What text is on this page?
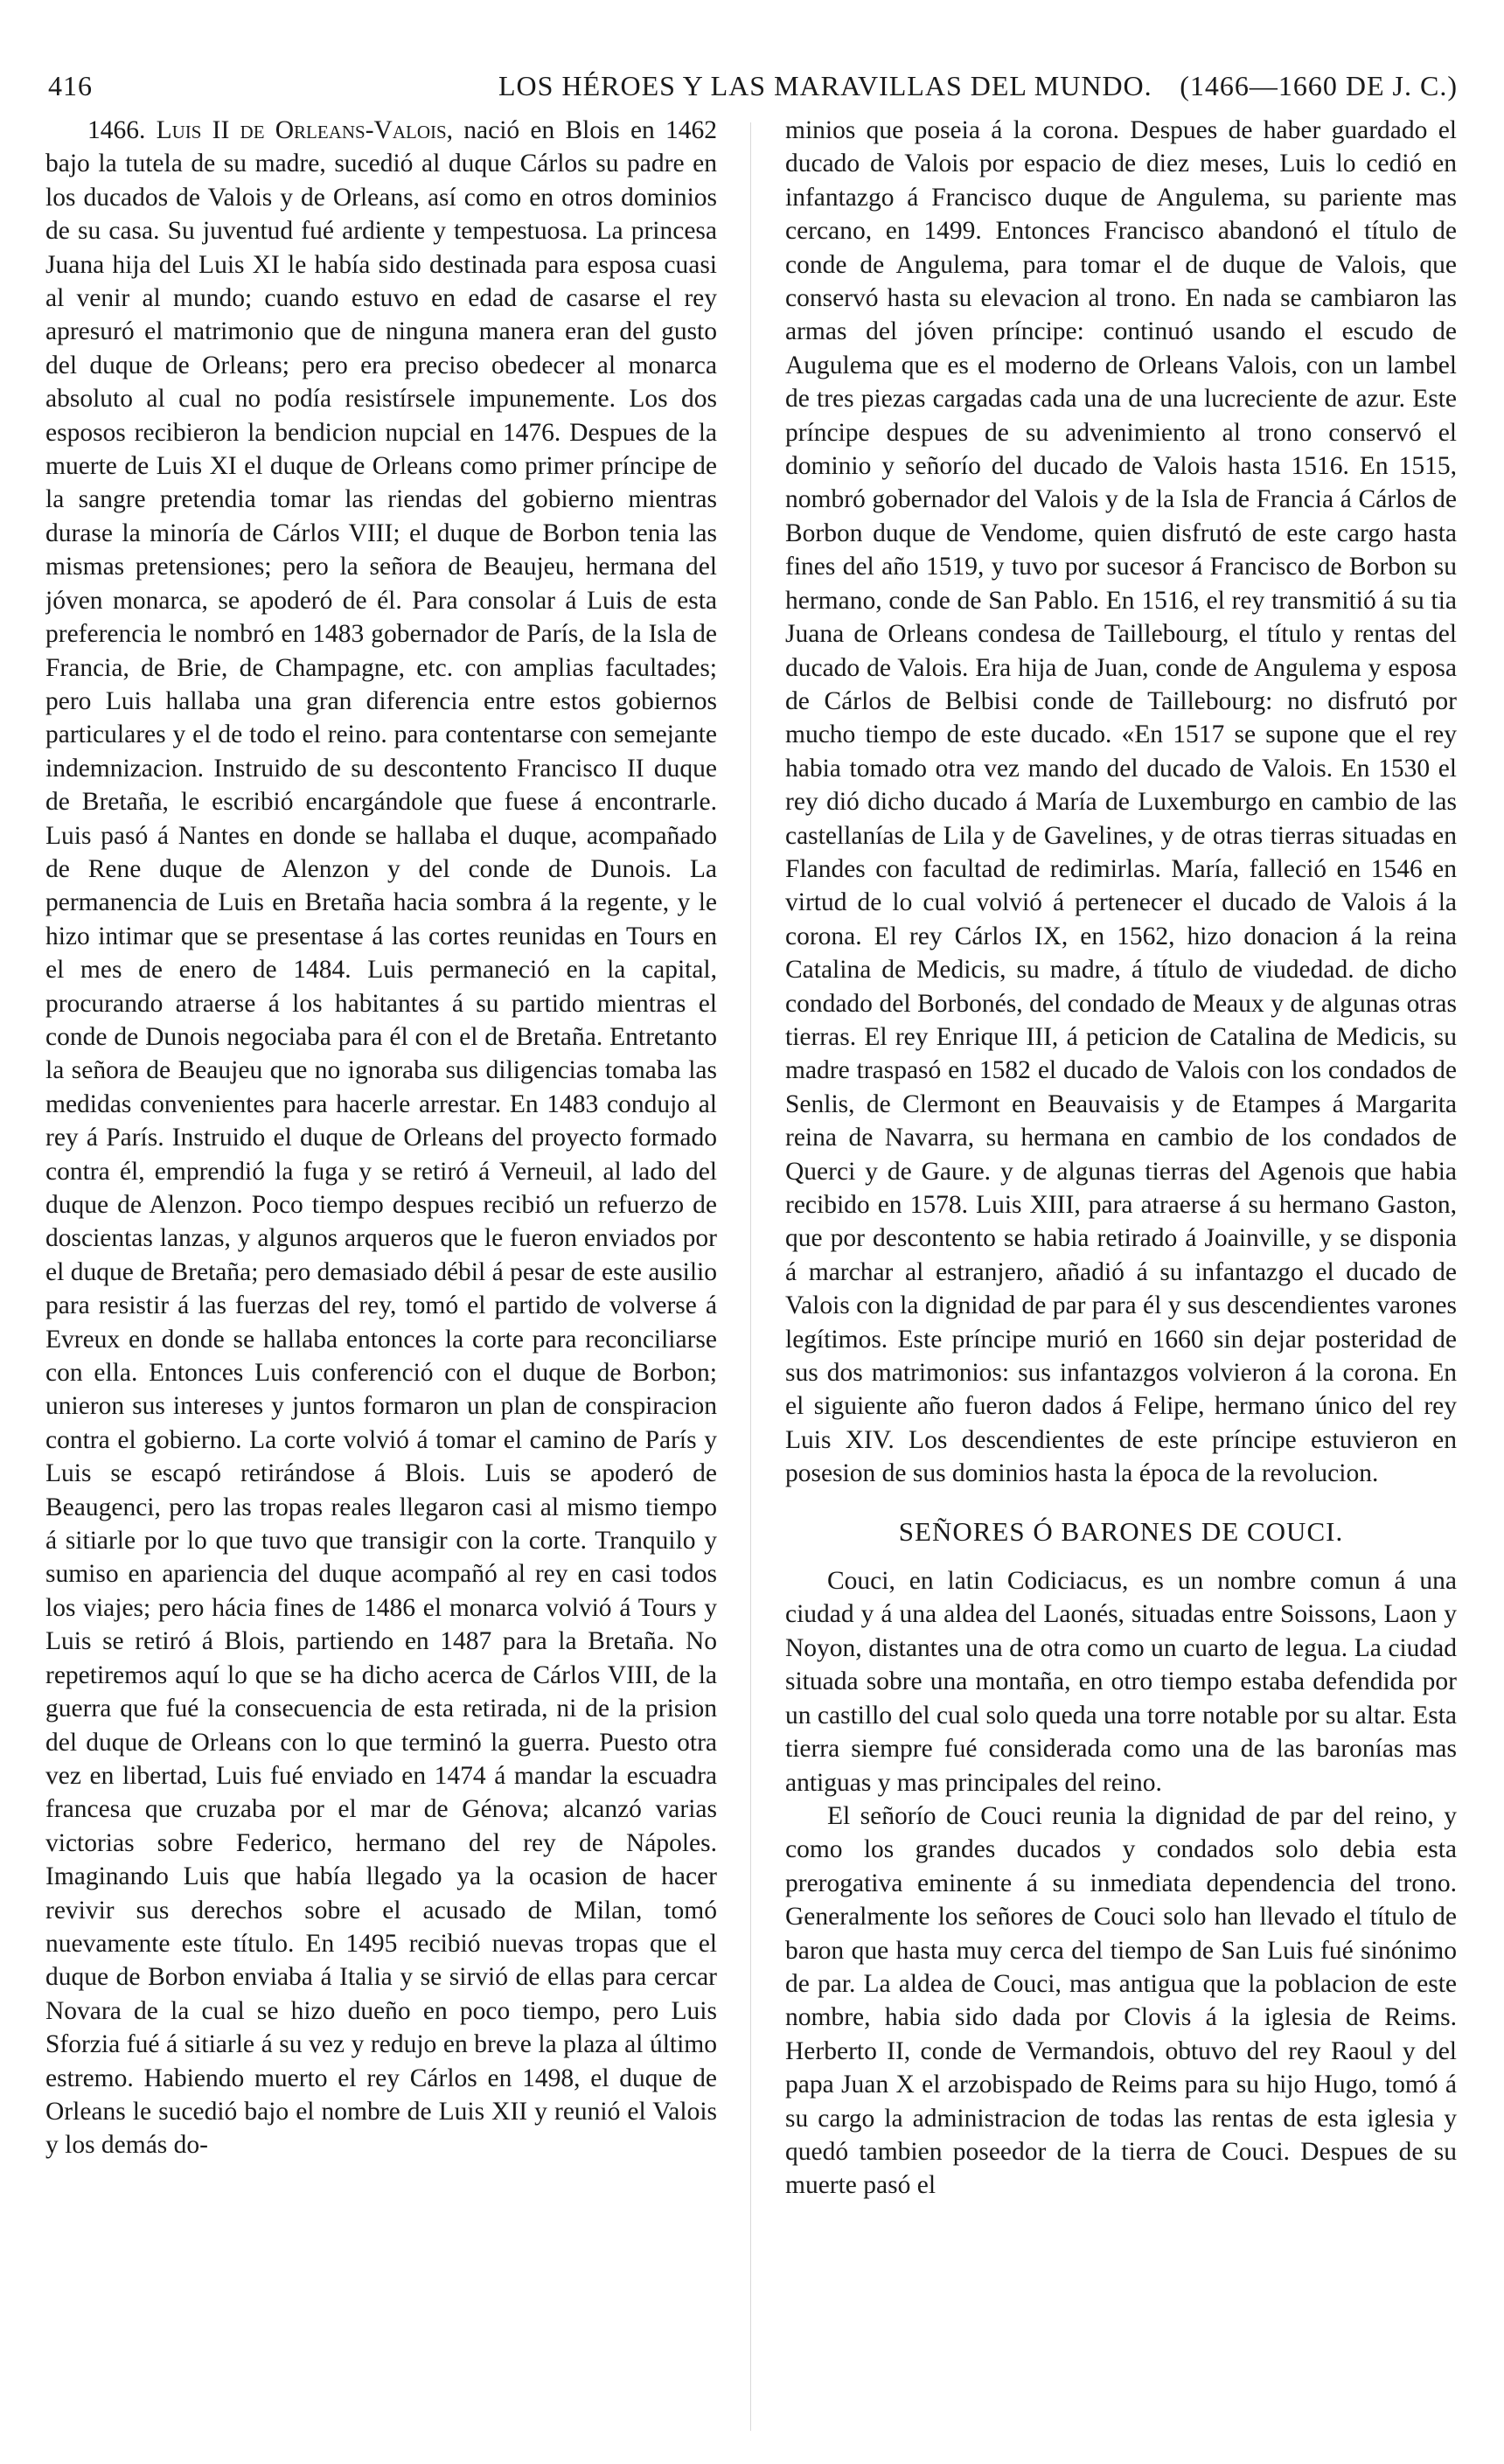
416	LOS HÉROES Y LAS MARAVILLAS DEL MUNDO. (1466—1660 DE J. C.)

1466. Luis II de Orleans-Valois, nació en Blois en 1462 bajo la tutela de su madre, sucedió al duque Cárlos su padre en los ducados de Valois y de Orleans, así como en otros dominios de su casa. Su juventud fué ardiente y tempestuosa. La princesa Juana hija del Luis XI le había sido destinada para esposa cuasi al venir al mundo; cuando estuvo en edad de casarse el rey apresuró el matrimonio que de ninguna manera eran del gusto del duque de Orleans; pero era preciso obedecer al monarca absoluto al cual no podía resistírsele impunemente. Los dos esposos recibieron la bendicion nupcial en 1476. Despues de la muerte de Luis XI el duque de Orleans como primer príncipe de la sangre pretendia tomar las riendas del gobierno mientras durase la minoría de Cárlos VIII; el duque de Borbon tenia las mismas pretensiones; pero la señora de Beaujeu, hermana del jóven monarca, se apoderó de él. Para consolar á Luis de esta preferencia le nombró en 1483 gobernador de París, de la Isla de Francia, de Brie, de Champagne, etc. con amplias facultades; pero Luis hallaba una gran diferencia entre estos gobiernos particulares y el de todo el reino. para contentarse con semejante indemnizacion. Instruido de su descontento Francisco II duque de Bretaña, le escribió encargándole que fuese á encontrarle. Luis pasó á Nantes en donde se hallaba el duque, acompañado de Rene duque de Alenzon y del conde de Dunois. La permanencia de Luis en Bretaña hacia sombra á la regente, y le hizo intimar que se presentase á las cortes reunidas en Tours en el mes de enero de 1484. Luis permaneció en la capital, procurando atraerse á los habitantes á su partido mientras el conde de Dunois negociaba para él con el de Bretaña. Entretanto la señora de Beaujeu que no ignoraba sus diligencias tomaba las medidas convenientes para hacerle arrestar. En 1483 condujo al rey á París. Instruido el duque de Orleans del proyecto formado contra él, emprendió la fuga y se retiró á Verneuil, al lado del duque de Alenzon. Poco tiempo despues recibió un refuerzo de doscientas lanzas, y algunos arqueros que le fueron enviados por el duque de Bretaña; pero demasiado débil á pesar de este ausilio para resistir á las fuerzas del rey, tomó el partido de volverse á Evreux en donde se hallaba entonces la corte para reconciliarse con ella. Entonces Luis conferenció con el duque de Borbon; unieron sus intereses y juntos formaron un plan de conspiracion contra el gobierno. La corte volvió á tomar el camino de París y Luis se escapó retirándose á Blois. Luis se apoderó de Beaugenci, pero las tropas reales llegaron casi al mismo tiempo á sitiarle por lo que tuvo que transigir con la corte. Tranquilo y sumiso en apariencia del duque acompañó al rey en casi todos los viajes; pero hácia fines de 1486 el monarca volvió á Tours y Luis se retiró á Blois, partiendo en 1487 para la Bretaña. No repetiremos aquí lo que se ha dicho acerca de Cárlos VIII, de la guerra que fué la consecuencia de esta retirada, ni de la prision del duque de Orleans con lo que terminó la guerra. Puesto otra vez en libertad, Luis fué enviado en 1474 á mandar la escuadra francesa que cruzaba por el mar de Génova; alcanzó varias victorias sobre Federico, hermano del rey de Nápoles. Imaginando Luis que había llegado ya la ocasion de hacer revivir sus derechos sobre el acusado de Milan, tomó nuevamente este título. En 1495 recibió nuevas tropas que el duque de Borbon enviaba á Italia y se sirvió de ellas para cercar Novara de la cual se hizo dueño en poco tiempo, pero Luis Sforzia fué á sitiarle á su vez y redujo en breve la plaza al último estremo. Habiendo muerto el rey Cárlos en 1498, el duque de Orleans le sucedió bajo el nombre de Luis XII y reunió el Valois y los demás do-

minios que poseia á la corona. Despues de haber guardado el ducado de Valois por espacio de diez meses, Luis lo cedió en infantazgo á Francisco duque de Angulema, su pariente mas cercano, en 1499. Entonces Francisco abandonó el título de conde de Angulema, para tomar el de duque de Valois, que conservó hasta su elevacion al trono. En nada se cambiaron las armas del jóven príncipe: continuó usando el escudo de Augulema que es el moderno de Orleans Valois, con un lambel de tres piezas cargadas cada una de una lucreciente de azur. Este príncipe despues de su advenimiento al trono conservó el dominio y señorío del ducado de Valois hasta 1516. En 1515, nombró gobernador del Valois y de la Isla de Francia á Cárlos de Borbon duque de Vendome, quien disfrutó de este cargo hasta fines del año 1519, y tuvo por sucesor á Francisco de Borbon su hermano, conde de San Pablo. En 1516, el rey transmitió á su tia Juana de Orleans condesa de Taillebourg, el título y rentas del ducado de Valois. Era hija de Juan, conde de Angulema y esposa de Cárlos de Belbisi conde de Taillebourg: no disfrutó por mucho tiempo de este ducado. «En 1517 se supone que el rey habia tomado otra vez mando del ducado de Valois. En 1530 el rey dió dicho ducado á María de Luxemburgo en cambio de las castellanías de Lila y de Gavelines, y de otras tierras situadas en Flandes con facultad de redimirlas. María, falleció en 1546 en virtud de lo cual volvió á pertenecer el ducado de Valois á la corona. El rey Cárlos IX, en 1562, hizo donacion á la reina Catalina de Medicis, su madre, á título de viudedad. de dicho condado del Borbonés, del condado de Meaux y de algunas otras tierras. El rey Enrique III, á peticion de Catalina de Medicis, su madre traspasó en 1582 el ducado de Valois con los condados de Senlis, de Clermont en Beauvaisis y de Etampes á Margarita reina de Navarra, su hermana en cambio de los condados de Querci y de Gaure. y de algunas tierras del Agenois que habia recibido en 1578. Luis XIII, para atraerse á su hermano Gaston, que por descontento se habia retirado á Joainville, y se disponia á marchar al estranjero, añadió á su infantazgo el ducado de Valois con la dignidad de par para él y sus descendientes varones legítimos. Este príncipe murió en 1660 sin dejar posteridad de sus dos matrimonios: sus infantazgos volvieron á la corona. En el siguiente año fueron dados á Felipe, hermano único del rey Luis XIV. Los descendientes de este príncipe estuvieron en posesion de sus dominios hasta la época de la revolucion.

SEÑORES Ó BARONES DE COUCI.

Couci, en latin Codiciacus, es un nombre comun á una ciudad y á una aldea del Laonés, situadas entre Soissons, Laon y Noyon, distantes una de otra como un cuarto de legua. La ciudad situada sobre una montaña, en otro tiempo estaba defendida por un castillo del cual solo queda una torre notable por su altar. Esta tierra siempre fué considerada como una de las baronías mas antiguas y mas principales del reino.

El señorío de Couci reunia la dignidad de par del reino, y como los grandes ducados y condados solo debia esta prerogativa eminente á su inmediata dependencia del trono. Generalmente los señores de Couci solo han llevado el título de baron que hasta muy cerca del tiempo de San Luis fué sinónimo de par. La aldea de Couci, mas antigua que la poblacion de este nombre, habia sido dada por Clovis á la iglesia de Reims. Herberto II, conde de Vermandois, obtuvo del rey Raoul y del papa Juan X el arzobispado de Reims para su hijo Hugo, tomó á su cargo la administracion de todas las rentas de esta iglesia y quedó tambien poseedor de la tierra de Couci. Despues de su muerte pasó el
